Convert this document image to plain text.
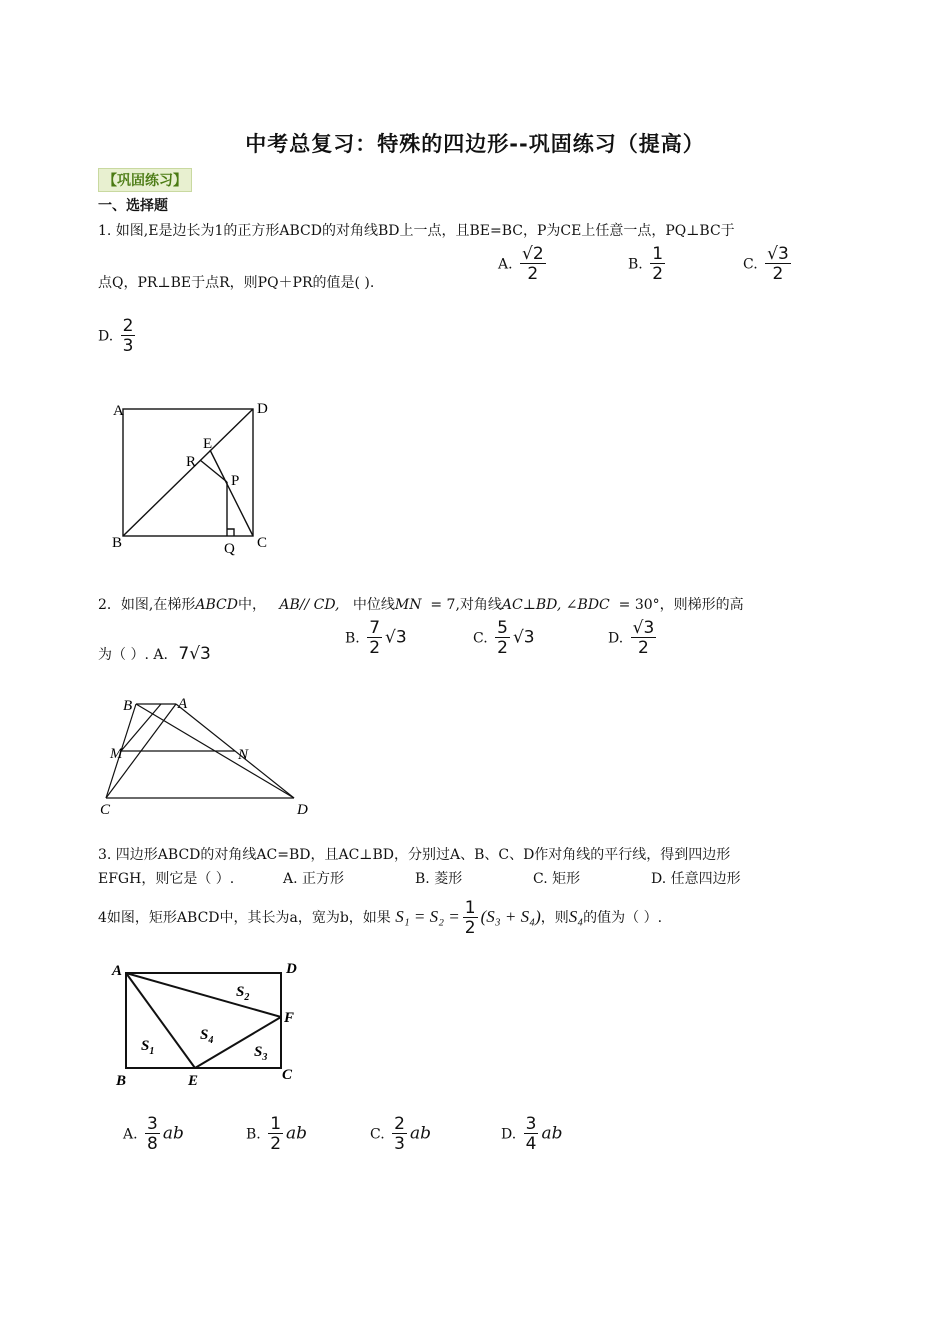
中考总复习：特殊的四边形--巩固练习（提高）
【巩固练习】
一、选择题
1. 如图,E是边长为1的正方形ABCD的对角线BD上一点，且BE=BC，P为CE上任意一点，PQ⊥BC于
点Q，PR⊥BE于点R，则PQ＋PR的值是( ).
A. $\frac{√2}{2}$	B. $\frac{1}{2}$	C. $\frac{√3}{2}$
D. $\frac{2}{3}$
A	D
B	C
E
P
R
Q
2．如图,在梯形ABCD中， AB// CD, 中位线MN = 7,对角线AC⊥BD, ∠BDC = 30°，则梯形的高
为（ ）. A. 7√3
B. $\frac{7}{2} √3$	C. $\frac{5}{2} √3$	D. $\frac{√3}{2}$
B	A
M	N
C	D
3. 四边形ABCD的对角线AC=BD，且AC⊥BD，分别过A、B、C、D作对角线的平行线，得到四边形
EFGH，则它是（ ）.	A. 正方形	B. 菱形	C. 矩形	D. 任意四边形
4如图，矩形ABCD中，其长为a，宽为b，如果 $S_1 = S_2 = \frac{1}{2} (S_3 + S_4)$，则S₄的值为（ ）.
A	D
F
B	E	C
$S_2$
$S_1$
$S_4$
$S_3$
A. $\frac{3}{8}$ ab	B. $\frac{1}{2}$ ab	C. $\frac{2}{3}$ ab	D. $\frac{3}{4}$ ab
